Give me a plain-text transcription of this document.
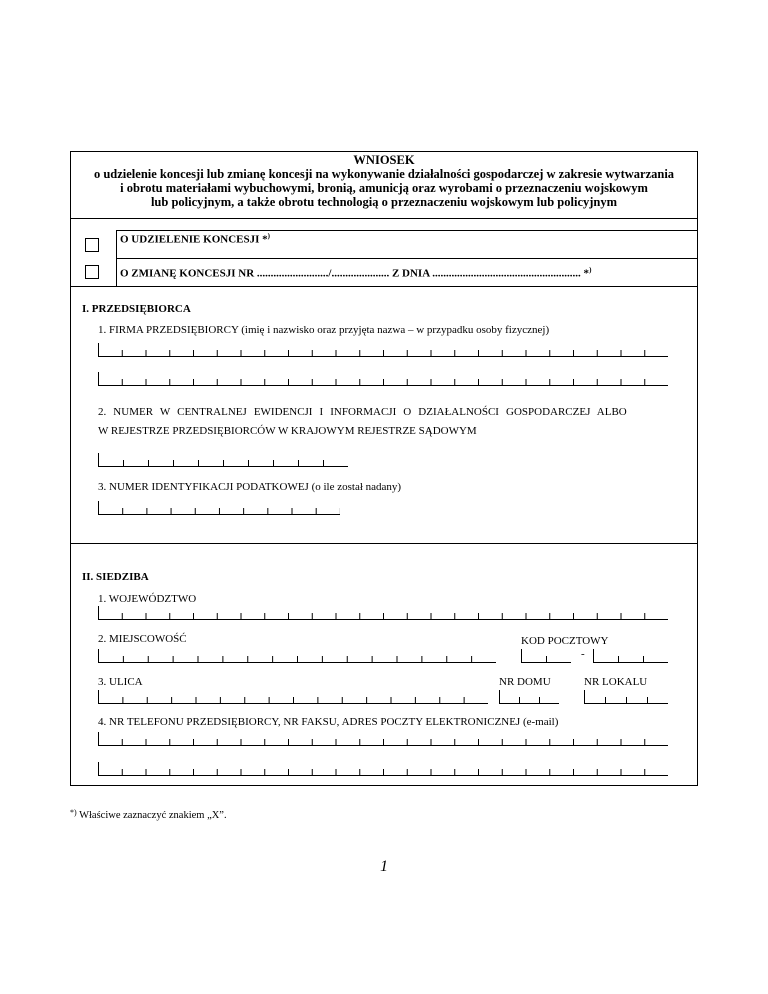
WNIOSEK
o udzielenie koncesji lub zmianę koncesji na wykonywanie działalności gospodarczej w zakresie wytwarzania
i obrotu materiałami wybuchowymi, bronią, amunicją oraz wyrobami o przeznaczeniu wojskowym
lub policyjnym, a także obrotu technologią o przeznaczeniu wojskowym lub policyjnym
O UDZIELENIE KONCESJI *)
O ZMIANĘ KONCESJI NR ........................../..................... Z DNIA ...................................................... *)
I. PRZEDSIĘBIORCA
1. FIRMA PRZEDSIĘBIORCY (imię i nazwisko oraz przyjęta nazwa – w przypadku osoby fizycznej)
2. NUMER W CENTRALNEJ EWIDENCJI I INFORMACJI O DZIAŁALNOŚCI GOSPODARCZEJ ALBO
W REJESTRZE PRZEDSIĘBIORCÓW W KRAJOWYM REJESTRZE SĄDOWYM
3. NUMER IDENTYFIKACJI PODATKOWEJ (o ile został nadany)
II. SIEDZIBA
1. WOJEWÓDZTWO
2. MIEJSCOWOŚĆ	KOD POCZTOWY
-
3. ULICA	NR DOMU	NR LOKALU
4. NR TELEFONU PRZEDSIĘBIORCY, NR FAKSU, ADRES POCZTY ELEKTRONICZNEJ (e-mail)
*) Właściwe zaznaczyć znakiem „X”.
1
